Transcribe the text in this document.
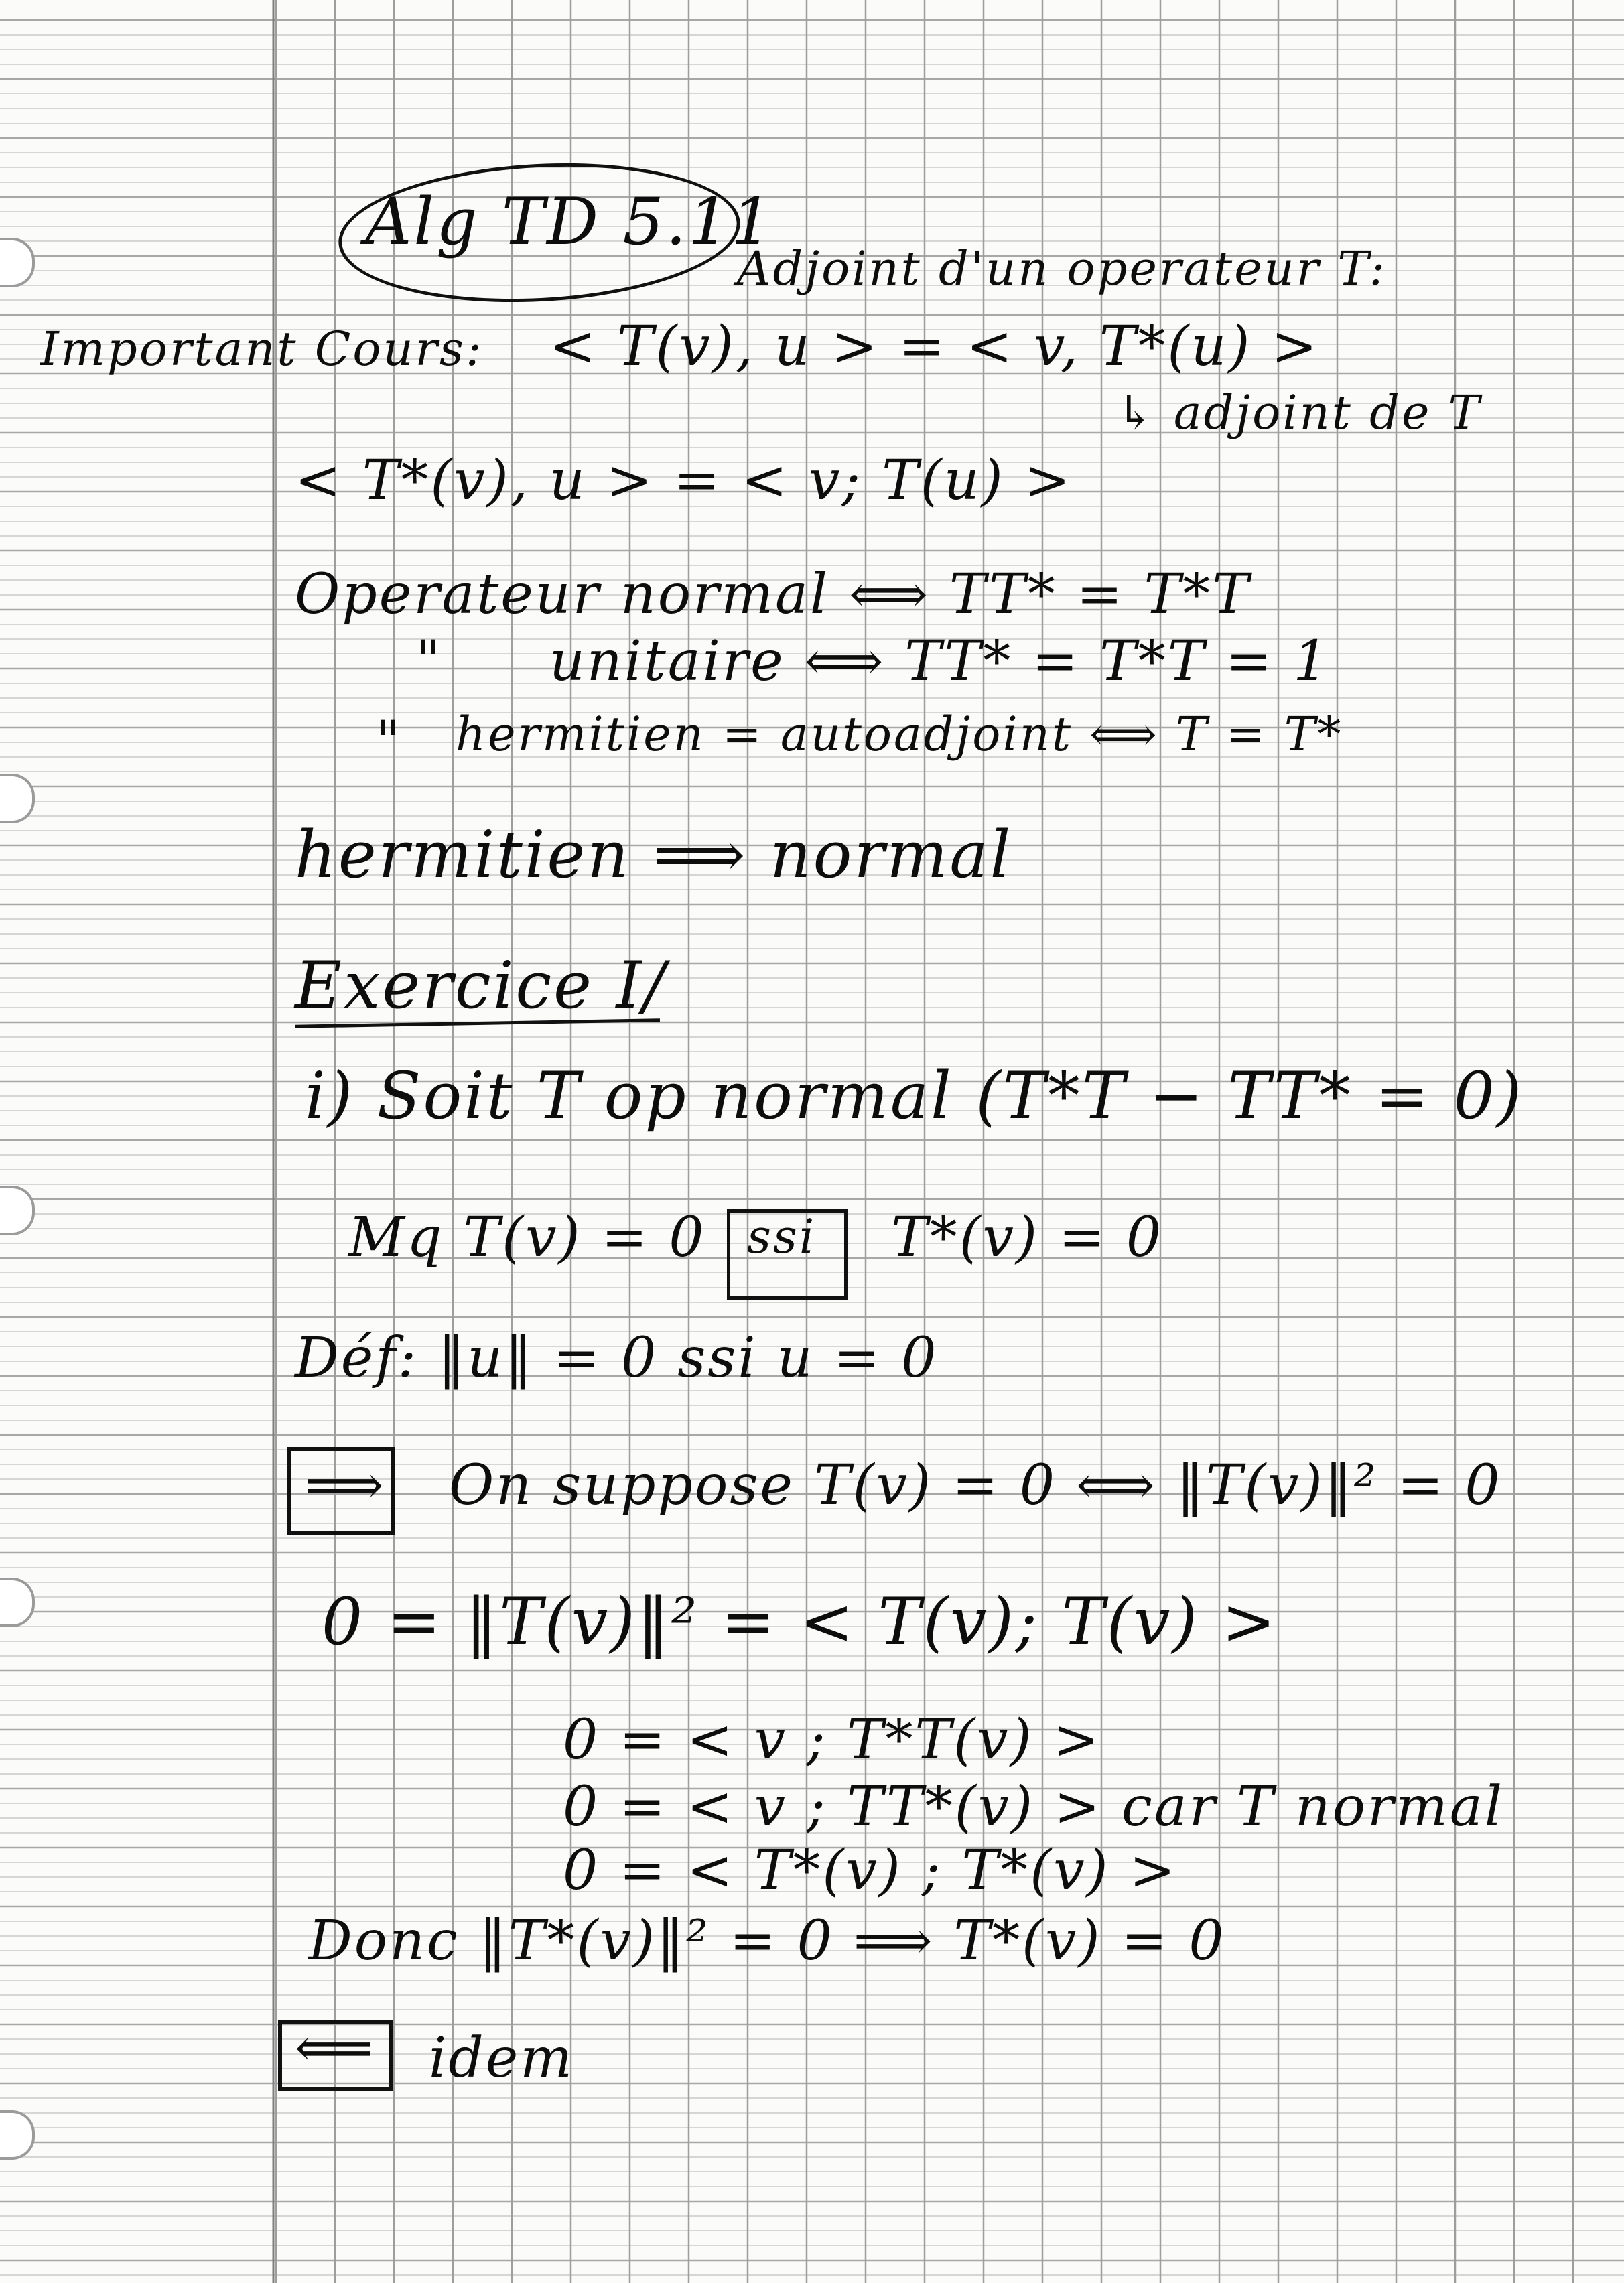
Alg TD 5.11
Adjoint d'un operateur T:
Important Cours: < T(v), u > = < v, T*(u) >
↳ adjoint de T
< T*(v), u > = < v; T(u) >
Operateur normal ⟺ TT* = T*T
" unitaire ⟺ TT* = T*T = 1
" hermitien = autoadjoint ⟺ T = T*
hermitien ⟹ normal
Exercice I/
i) Soit T op normal (T*T − TT* = 0)
Mq T(v) = 0 ssi T*(v) = 0
Déf: ‖u‖ = 0 ssi u = 0
⟹ On suppose T(v) = 0 ⟺ ‖T(v)‖² = 0
0 = ‖T(v)‖² = < T(v); T(v) >
0 = < v ; T*T(v) >
0 = < v ; TT*(v) > car T normal
0 = < T*(v) ; T*(v) >
Donc ‖T*(v)‖² = 0 ⟹ T*(v) = 0
⟸ idem
